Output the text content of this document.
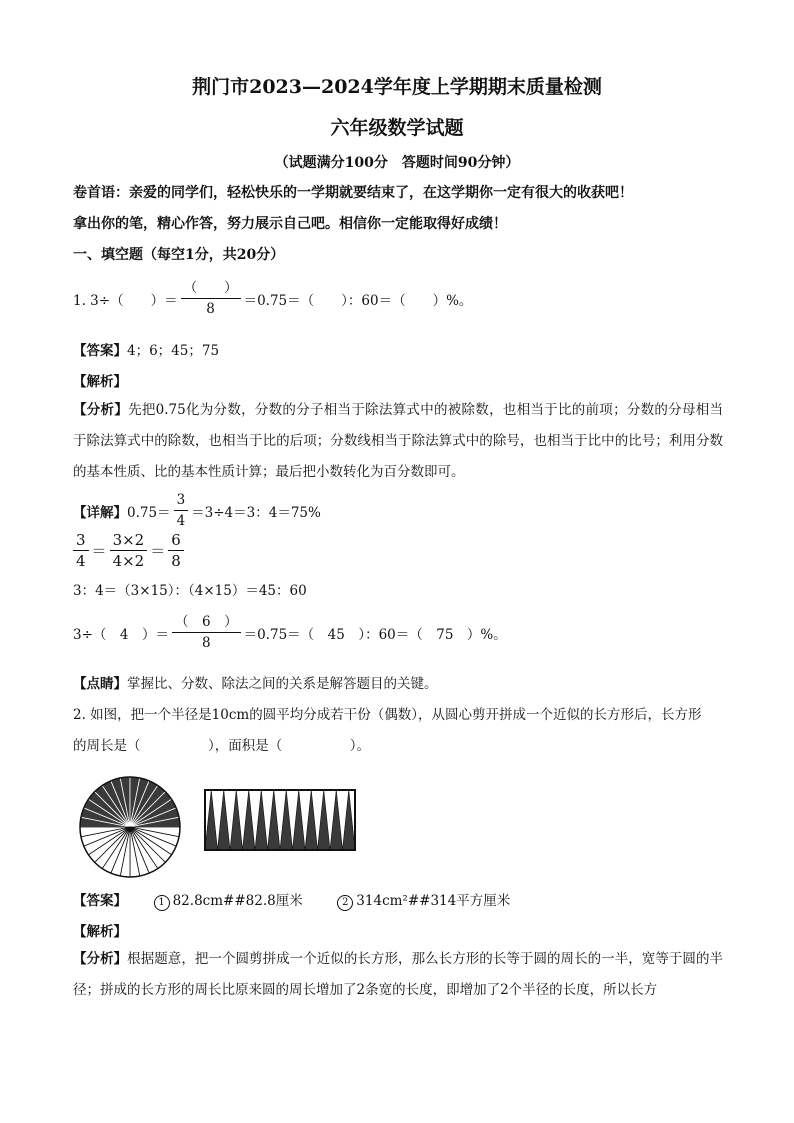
荆门市2023—2024学年度上学期期末质量检测
六年级数学试题
（试题满分100分　答题时间90分钟）
卷首语：亲爱的同学们，轻松快乐的一学期就要结束了，在这学期你一定有很大的收获吧！
拿出你的笔，精心作答，努力展示自己吧。相信你一定能取得好成绩！
一、填空题（每空1分，共20分）
1. 3÷（　　）＝ $\frac{( )}{8} =0.75=$（　　）：60＝（　　）%。
【答案】4；6；45；75
【解析】
【分析】先把0.75化为分数，分数的分子相当于除法算式中的被除数，也相当于比的前项；分数的分母相当于除法算式中的除数，也相当于比的后项；分数线相当于除法算式中的除号，也相当于比中的比号；利用分数的基本性质、比的基本性质计算；最后把小数转化为百分数即可。
【详解】$0.75= \frac{3}{4} =3\div 4=3$：4＝75%
$\frac{3}{4} = \frac{3\times 2}{4\times 2} = \frac{6}{8}$
3：4＝（3×15）：（4×15）＝45：60
3÷（　4　）＝ $\frac{( 6 )}{8} =0.75=$（　45　）：60＝（　75　）%。
【点睛】掌握比、分数、除法之间的关系是解答题目的关键。
2. 如图，把一个半径是10cm的圆平均分成若干份（偶数），从圆心剪开拼成一个近似的长方形后，长方形
的周长是（　　　　　），面积是（　　　　　）。
【答案】	1 82.8cm##82.8厘米	2 314cm²##314平方厘米
【解析】
【分析】根据题意，把一个圆剪拼成一个近似的长方形，那么长方形的长等于圆的周长的一半，宽等于圆的半径；拼成的长方形的周长比原来圆的周长增加了2条宽的长度，即增加了2个半径的长度，所以长方
